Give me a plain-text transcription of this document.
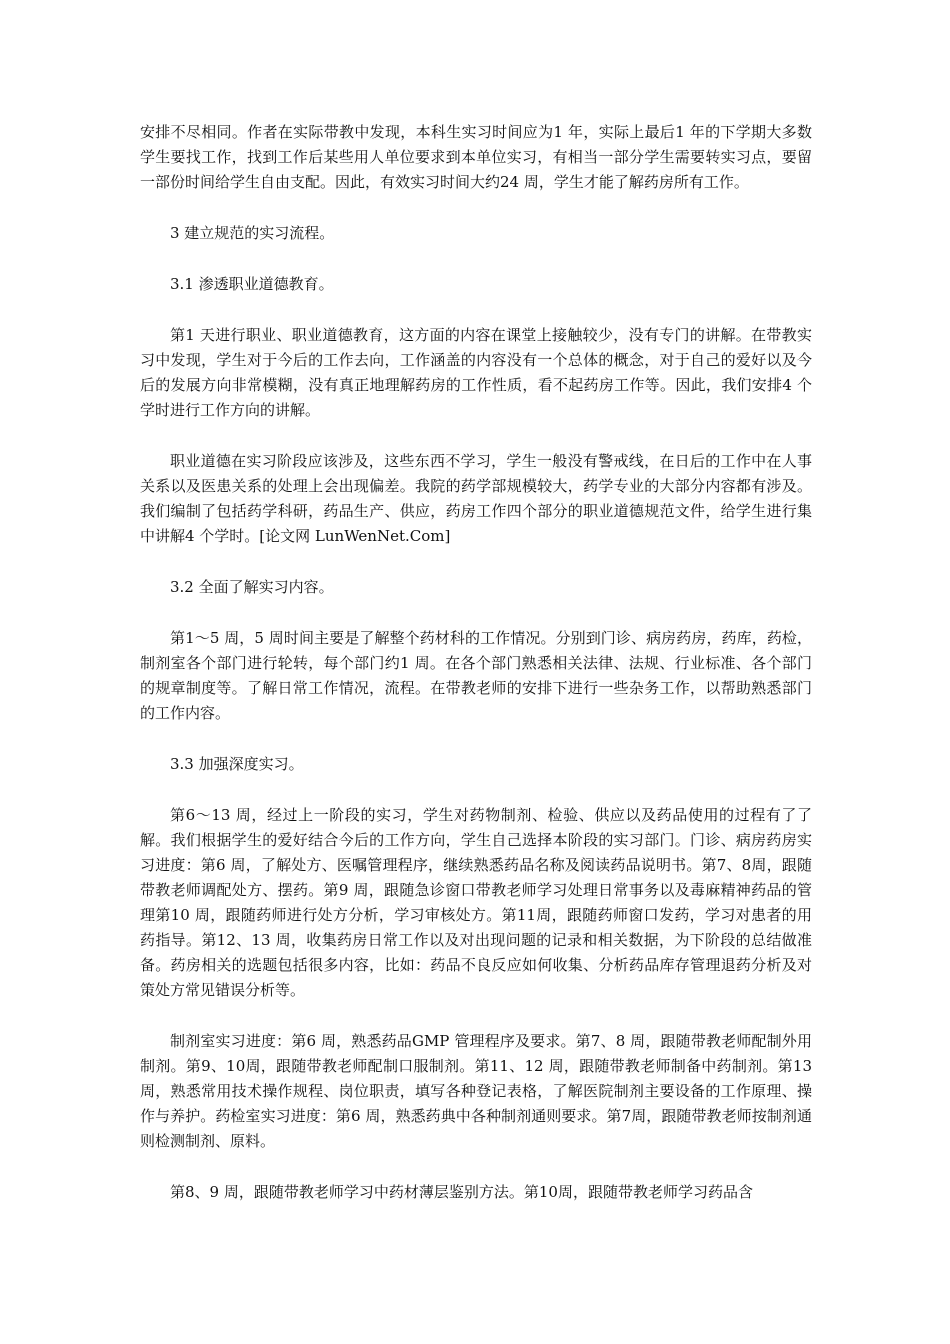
安排不尽相同。作者在实际带教中发现，本科生实习时间应为1 年，实际上最后1 年的下学期大多数学生要找工作，找到工作后某些用人单位要求到本单位实习，有相当一部分学生需要转实习点，要留一部份时间给学生自由支配。因此，有效实习时间大约24 周，学生才能了解药房所有工作。

3 建立规范的实习流程。

3.1 渗透职业道德教育。

第1 天进行职业、职业道德教育，这方面的内容在课堂上接触较少，没有专门的讲解。在带教实习中发现，学生对于今后的工作去向，工作涵盖的内容没有一个总体的概念，对于自己的爱好以及今后的发展方向非常模糊，没有真正地理解药房的工作性质，看不起药房工作等。因此，我们安排4 个学时进行工作方向的讲解。

职业道德在实习阶段应该涉及，这些东西不学习，学生一般没有警戒线，在日后的工作中在人事关系以及医患关系的处理上会出现偏差。我院的药学部规模较大，药学专业的大部分内容都有涉及。我们编制了包括药学科研，药品生产、供应，药房工作四个部分的职业道德规范文件，给学生进行集中讲解4 个学时。[论文网 LunWenNet.Com]

3.2 全面了解实习内容。

第1～5 周，5 周时间主要是了解整个药材科的工作情况。分别到门诊、病房药房，药库，药检，制剂室各个部门进行轮转，每个部门约1 周。在各个部门熟悉相关法律、法规、行业标准、各个部门的规章制度等。了解日常工作情况，流程。在带教老师的安排下进行一些杂务工作，以帮助熟悉部门的工作内容。

3.3 加强深度实习。

第6～13 周，经过上一阶段的实习，学生对药物制剂、检验、供应以及药品使用的过程有了了解。我们根据学生的爱好结合今后的工作方向，学生自己选择本阶段的实习部门。门诊、病房药房实习进度：第6 周，了解处方、医嘱管理程序，继续熟悉药品名称及阅读药品说明书。第7、8周，跟随带教老师调配处方、摆药。第9 周，跟随急诊窗口带教老师学习处理日常事务以及毒麻精神药品的管理第10 周，跟随药师进行处方分析，学习审核处方。第11周，跟随药师窗口发药，学习对患者的用药指导。第12、13 周，收集药房日常工作以及对出现问题的记录和相关数据，为下阶段的总结做准备。药房相关的选题包括很多内容，比如：药品不良反应如何收集、分析药品库存管理退药分析及对策处方常见错误分析等。

制剂室实习进度：第6 周，熟悉药品GMP 管理程序及要求。第7、8 周，跟随带教老师配制外用制剂。第9、10周，跟随带教老师配制口服制剂。第11、12 周，跟随带教老师制备中药制剂。第13 周，熟悉常用技术操作规程、岗位职责，填写各种登记表格，了解医院制剂主要设备的工作原理、操作与养护。药检室实习进度：第6 周，熟悉药典中各种制剂通则要求。第7周，跟随带教老师按制剂通则检测制剂、原料。

第8、9 周，跟随带教老师学习中药材薄层鉴别方法。第10周，跟随带教老师学习药品含
